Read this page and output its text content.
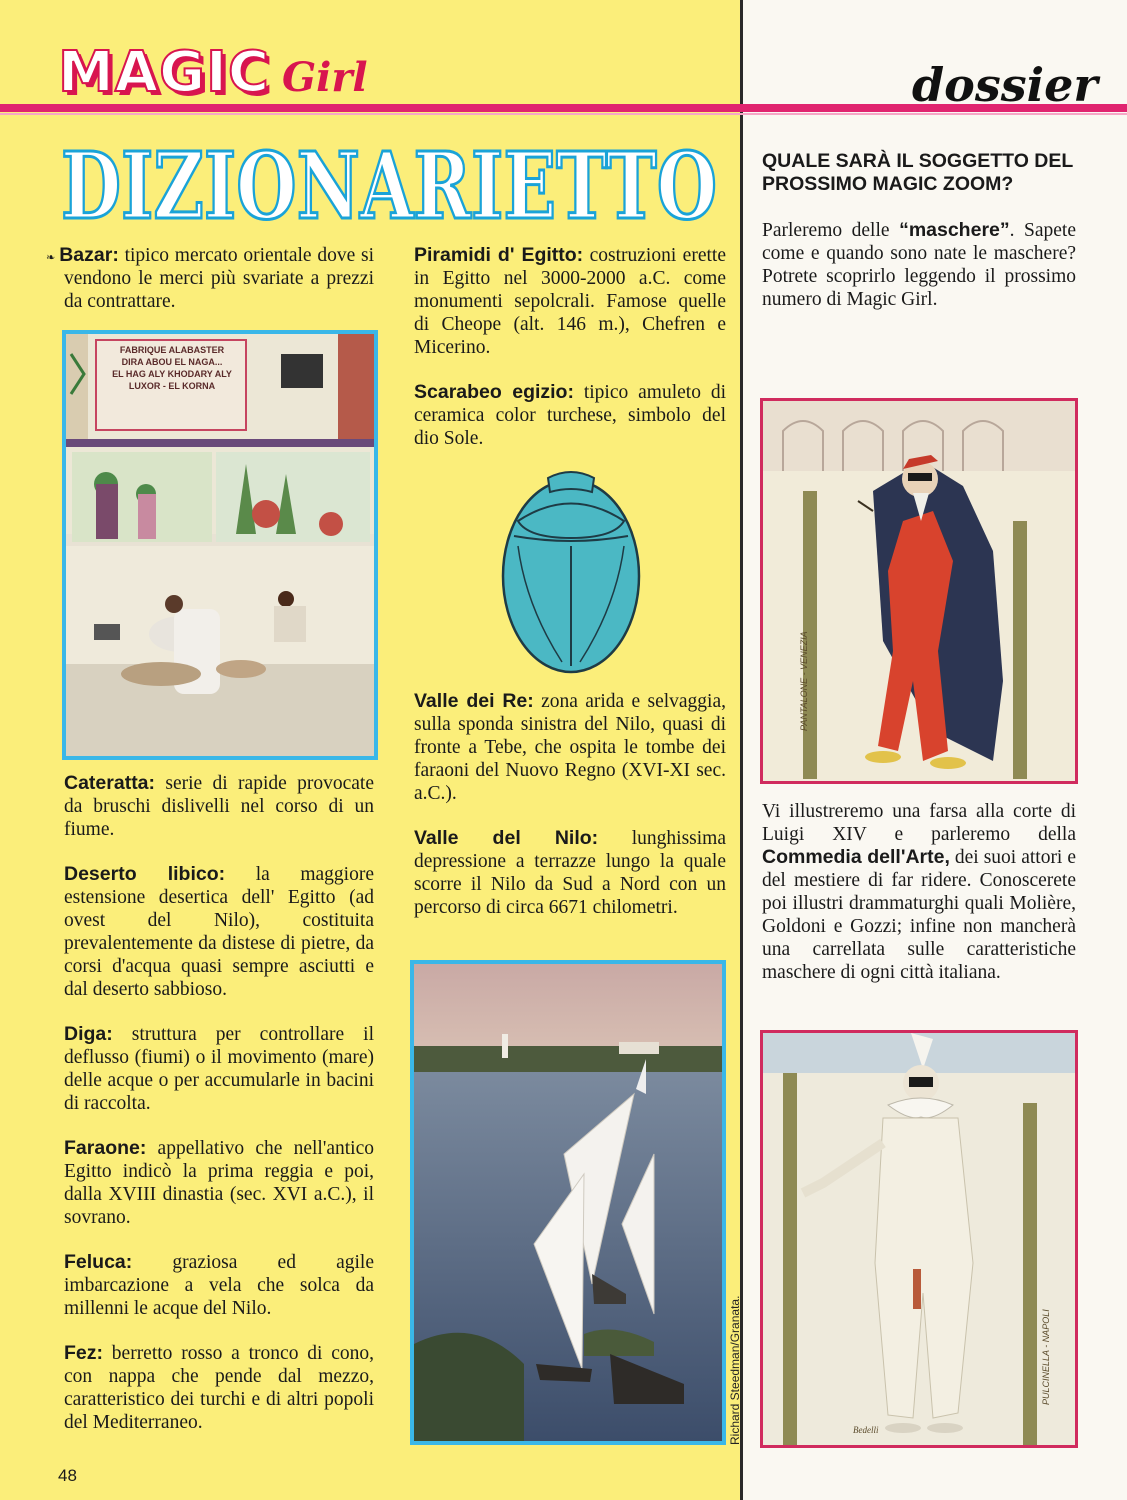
MAGIC Girl	dossier
DIZIONARIETTO

❧ Bazar: tipico mercato orientale dove si vendono le merci più svariate a prezzi da contrattare.

FABRIQUE ALABASTER
DIRA ABOU EL NAGA...
EL HAG ALY KHODARY ALY
LUXOR - EL KORNA

Cateratta: serie di rapide provocate da bruschi dislivelli nel corso di un fiume.

Deserto libico: la maggiore estensione desertica dell' Egitto (ad ovest del Nilo), costituita prevalentemente da distese di pietre, da corsi d'acqua quasi sempre asciutti e dal deserto sabbioso.

Diga: struttura per controllare il deflusso (fiumi) o il movimento (mare) delle acque o per accumularle in bacini di raccolta.

Faraone: appellativo che nell'antico Egitto indicò la prima reggia e poi, dalla XVIII dinastia (sec. XVI a.C.), il sovrano.

Feluca: graziosa ed agile imbarcazione a vela che solca da millenni le acque del Nilo.

Fez: berretto rosso a tronco di cono, con nappa che pende dal mezzo, caratteristico dei turchi e di altri popoli del Mediterraneo.

Piramidi d' Egitto: costruzioni erette in Egitto nel 3000-2000 a.C. come monumenti sepolcrali. Famose quelle di Cheope (alt. 146 m.), Chefren e Micerino.

Scarabeo egizio: tipico amuleto di ceramica color turchese, simbolo del dio Sole.

Valle dei Re: zona arida e selvaggia, sulla sponda sinistra del Nilo, quasi di fronte a Tebe, che ospita le tombe dei faraoni del Nuovo Regno (XVI-XI sec. a.C.).

Valle del Nilo: lunghissima depressione a terrazze lungo la quale scorre il Nilo da Sud a Nord con un percorso di circa 6671 chilometri.

Richard Steedman/Granata.

QUALE SARÀ IL SOGGETTO DEL PROSSIMO MAGIC ZOOM?

Parleremo delle “maschere”. Sapete come e quando sono nate le maschere? Potrete scoprirlo leggendo il prossimo numero di Magic Girl.

PANTALONE - VENEZIA

Vi illustreremo una farsa alla corte di Luigi XIV e parleremo della Commedia dell'Arte, dei suoi attori e del mestiere di far ridere. Conoscerete poi illustri drammaturghi quali Molière, Goldoni e Gozzi; infine non mancherà una carrellata sulle caratteristiche maschere di ogni città italiana.

PULCINELLA - NAPOLI
Bedelli
48
